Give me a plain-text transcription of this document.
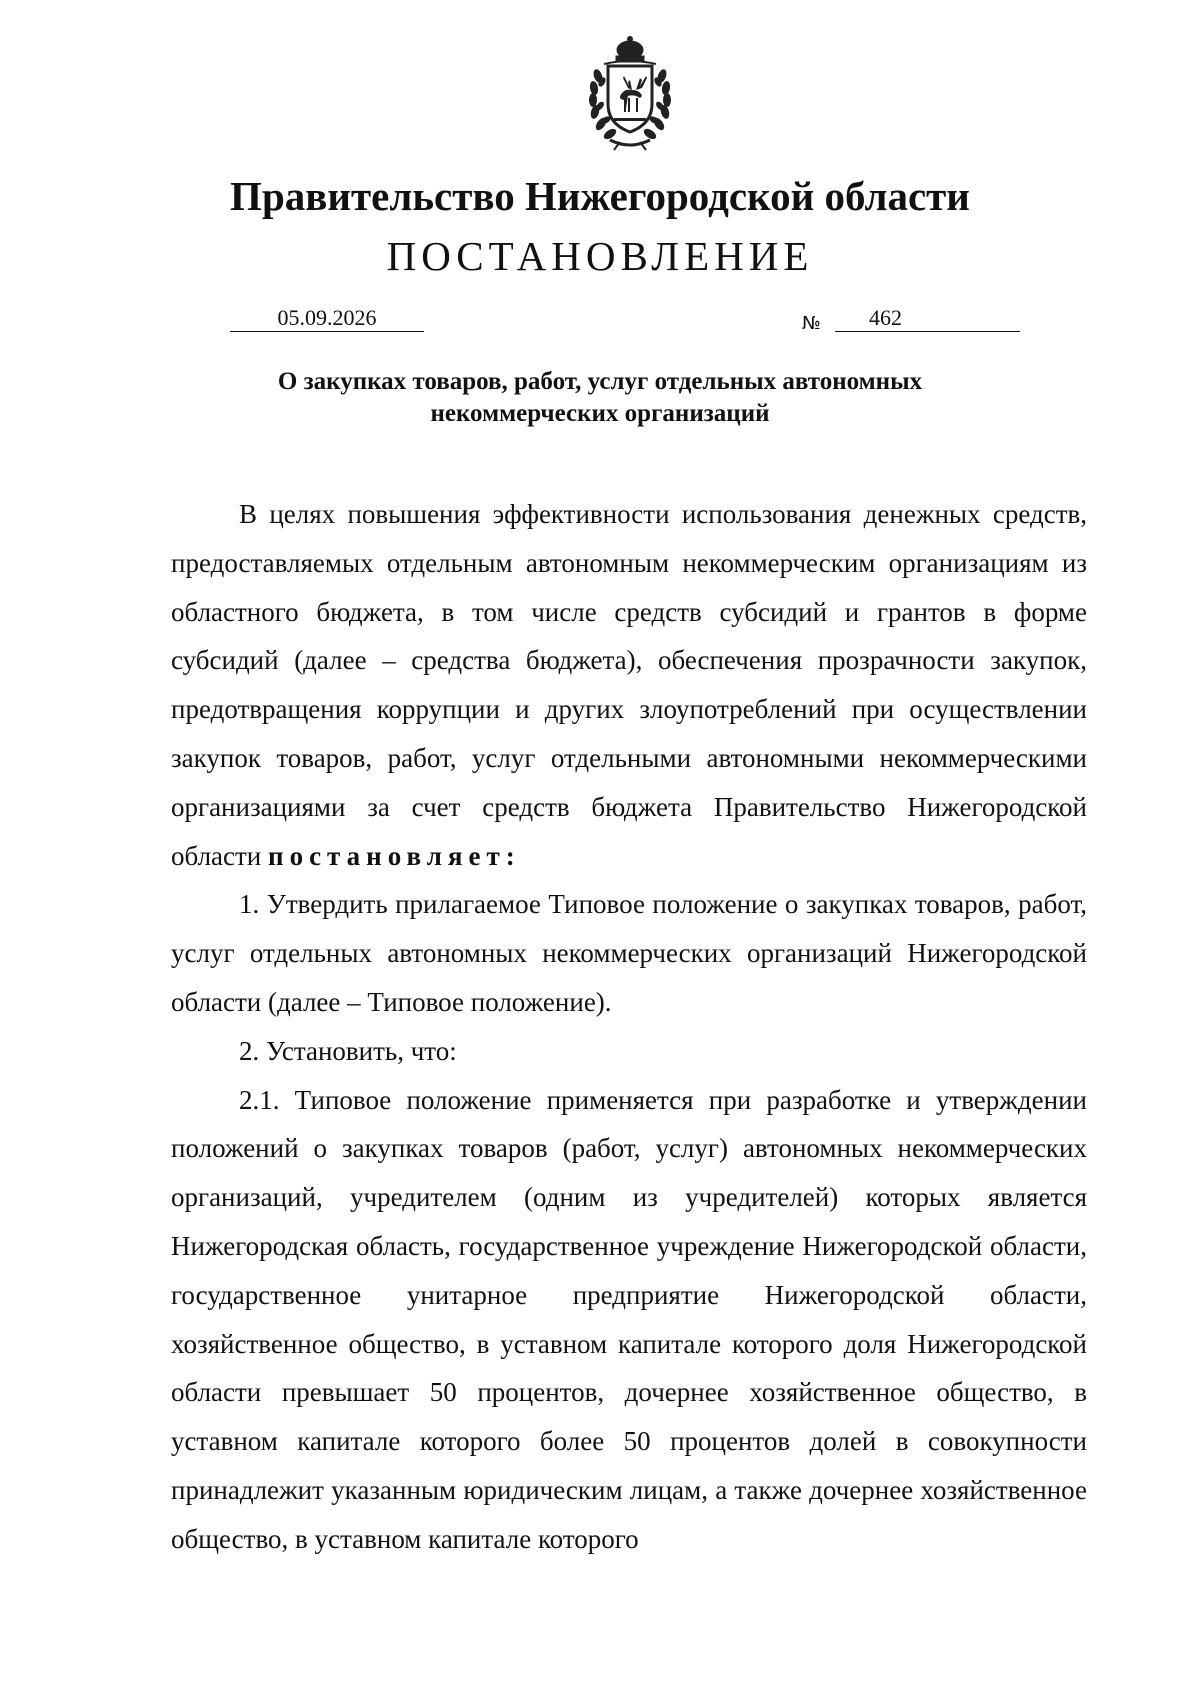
Правительство Нижегородской области
ПОСТАНОВЛЕНИЕ
05.09.2026	№	462
О закупках товаров, работ, услуг отдельных автономных
некоммерческих организаций

В целях повышения эффективности использования денежных средств, предоставляемых отдельным автономным некоммерческим организациям из областного бюджета, в том числе средств субсидий и грантов в форме субсидий (далее – средства бюджета), обеспечения прозрачности закупок, предотвращения коррупции и других злоупотреблений при осуществлении закупок товаров, работ, услуг отдельными автономными некоммерческими организациями за счет средств бюджета Правительство Нижегородской области постановляет:

1. Утвердить прилагаемое Типовое положение о закупках товаров, работ, услуг отдельных автономных некоммерческих организаций Нижегородской области (далее – Типовое положение).

2. Установить, что:

2.1. Типовое положение применяется при разработке и утверждении положений о закупках товаров (работ, услуг) автономных некоммерческих организаций, учредителем (одним из учредителей) которых является Нижегородская область, государственное учреждение Нижегородской области, государственное унитарное предприятие Нижегородской области, хозяйственное общество, в уставном капитале которого доля Нижегородской области превышает 50 процентов, дочернее хозяйственное общество, в уставном капитале которого более 50 процентов долей в совокупности принадлежит указанным юридическим лицам, а также дочернее хозяйственное общество, в уставном капитале которого
